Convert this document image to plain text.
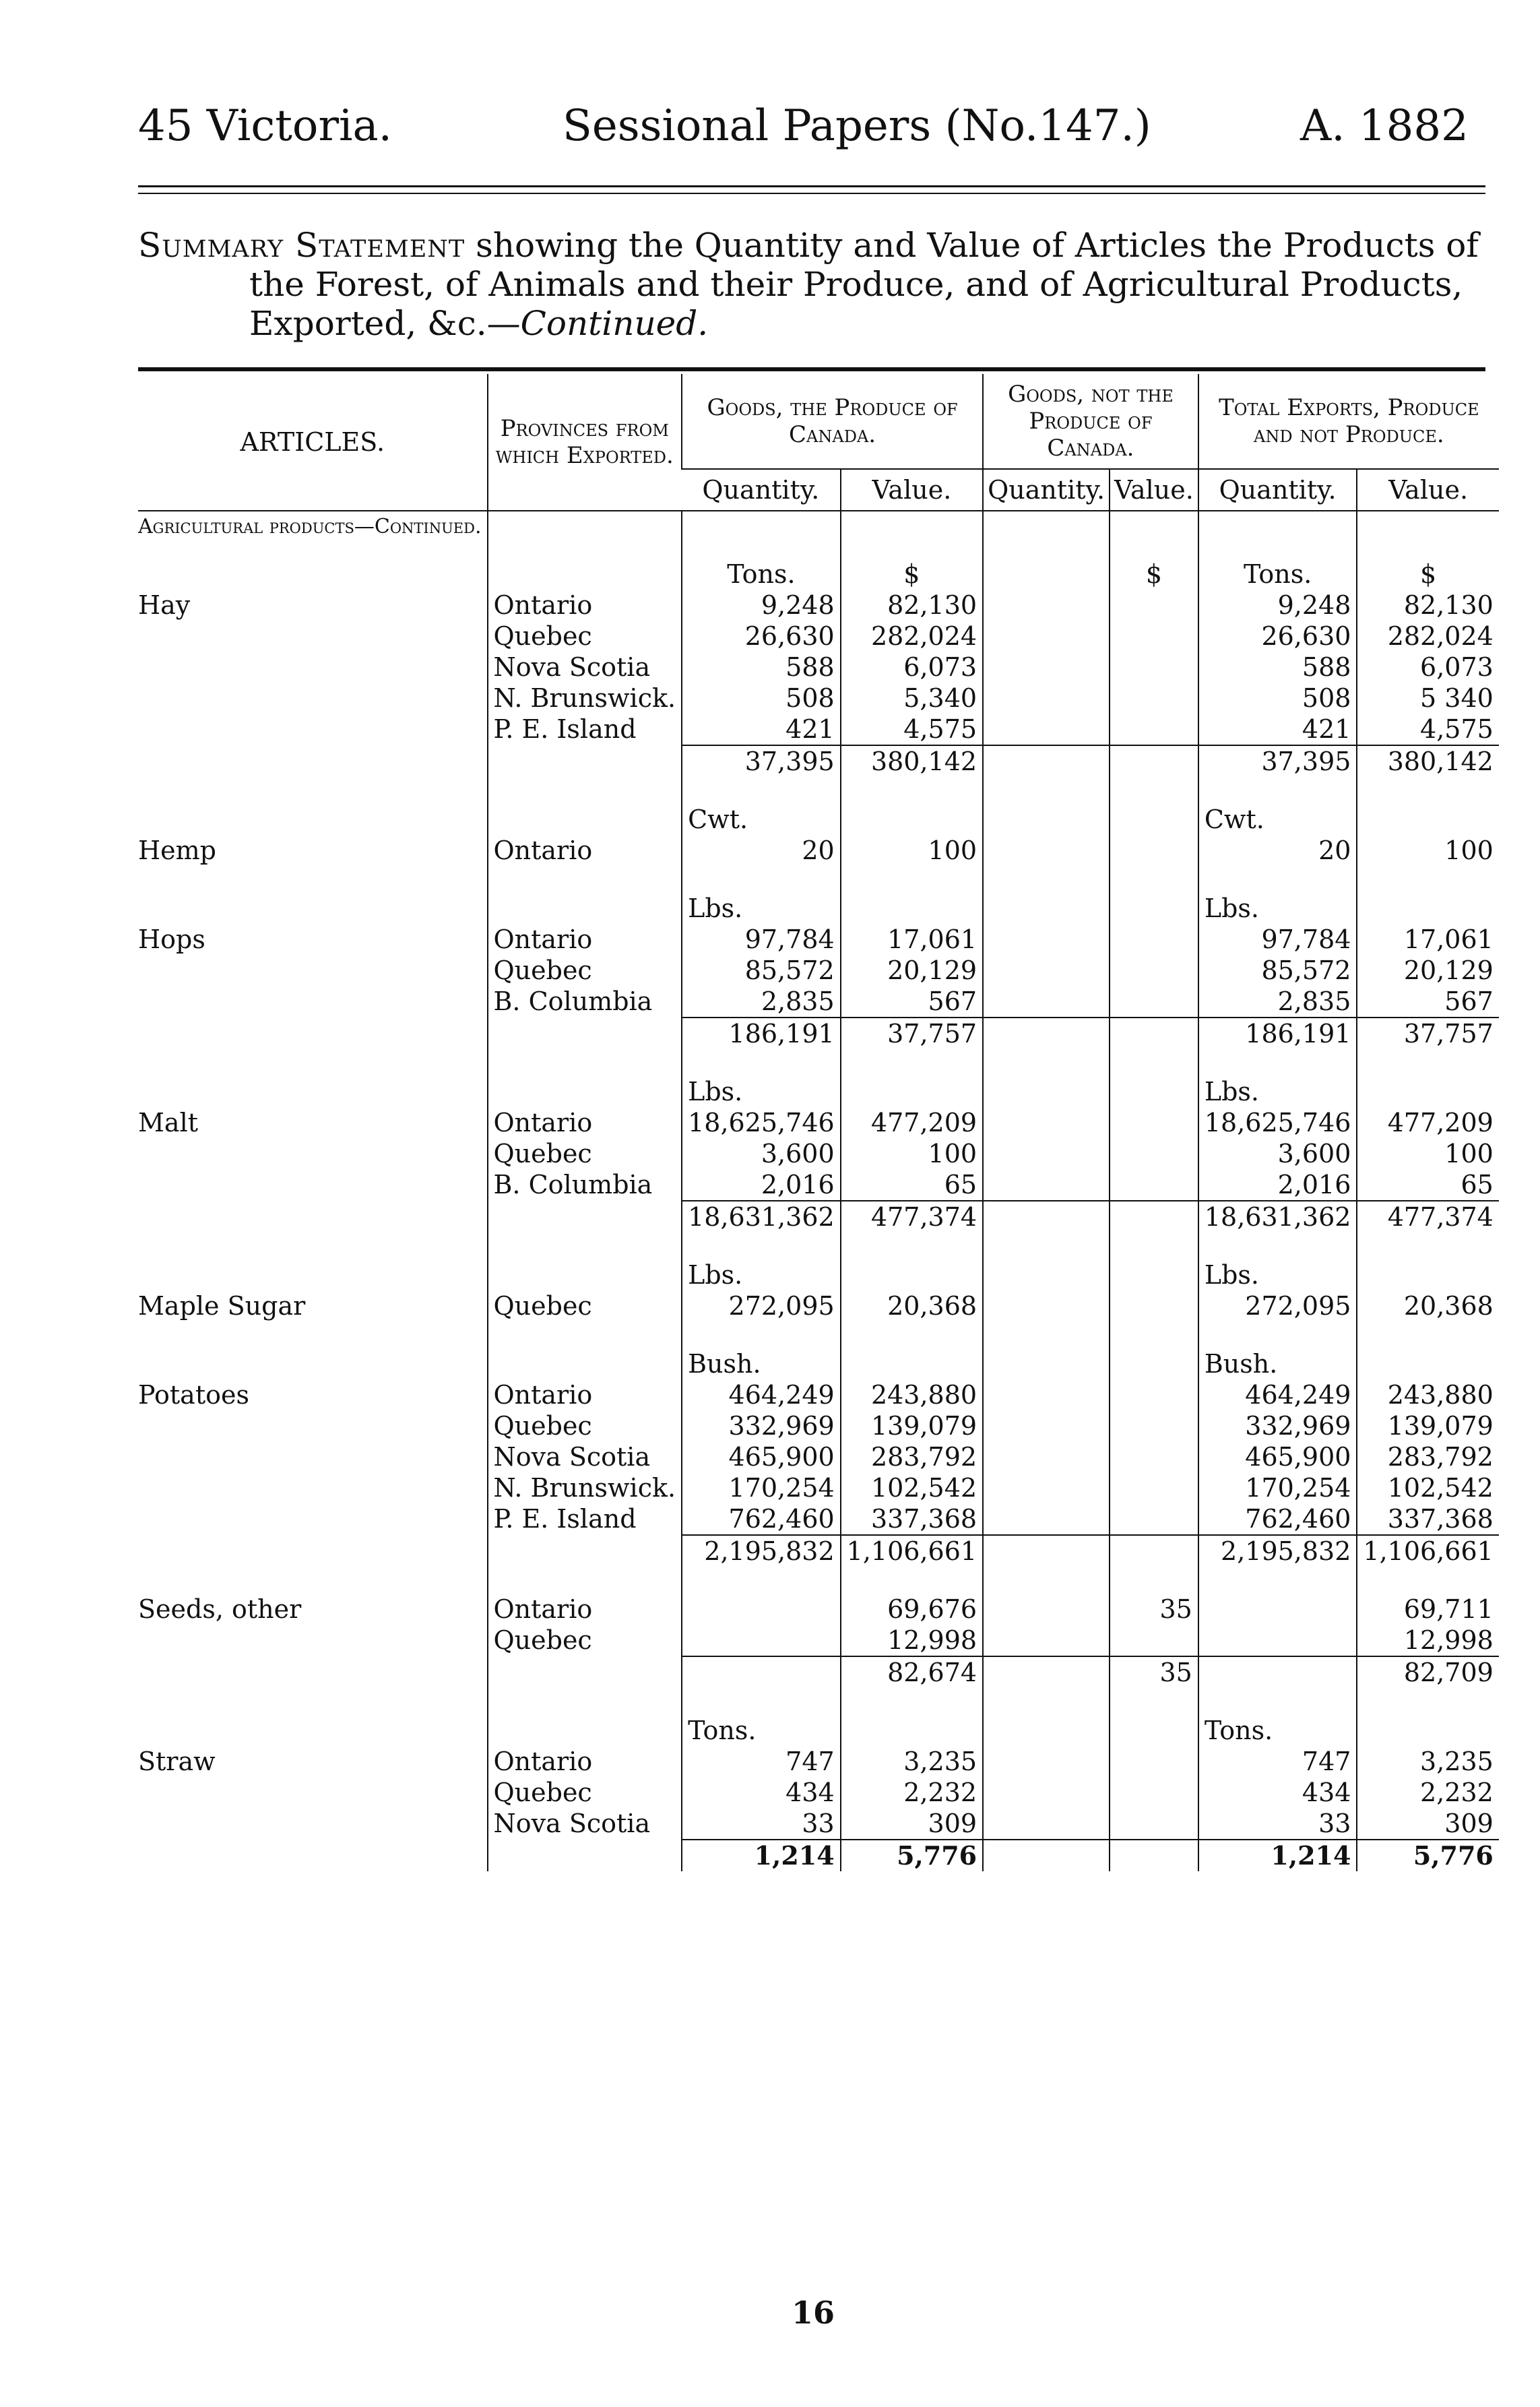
45 Victoria.	Sessional Papers (No.147.)	A. 1882
Summary Statement showing the Quantity and Value of Articles the Products of
the Forest, of Animals and their Produce, and of Agricultural Products,
Exported, &c.—Continued.
ARTICLES.	Provinces from which Exported.	Goods, the Produce of Canada.		Goods, not the Produce of Canada.		Total Exports, Produce and not Produce.	
		Quantity.	Value.	Quantity.	Value.	Quantity.	Value.
Agricultural products—Continued.		Tons.	$		$	Tons.	$
Hay	Ontario	9,248	82,130			9,248	82,130
	Quebec	26,630	282,024			26,630	282,024
	Nova Scotia	588	6,073			588	6,073
	N. Brunswick.	508	5,340			508	5 340
	P. E. Island	421	4,575			421	4,575
		37,395	380,142			37,395	380,142
		Cwt.				Cwt.	
Hemp	Ontario	20	100			20	100
		Lbs.				Lbs.	
Hops	Ontario	97,784	17,061			97,784	17,061
	Quebec	85,572	20,129			85,572	20,129
	B. Columbia	2,835	567			2,835	567
		186,191	37,757			186,191	37,757
		Lbs.				Lbs.	
Malt	Ontario	18,625,746	477,209			18,625,746	477,209
	Quebec	3,600	100			3,600	100
	B. Columbia	2,016	65			2,016	65
		18,631,362	477,374			18,631,362	477,374
		Lbs.				Lbs.	
Maple Sugar	Quebec	272,095	20,368			272,095	20,368
		Bush.				Bush.	
Potatoes	Ontario	464,249	243,880			464,249	243,880
	Quebec	332,969	139,079			332,969	139,079
	Nova Scotia	465,900	283,792			465,900	283,792
	N. Brunswick.	170,254	102,542			170,254	102,542
	P. E. Island	762,460	337,368			762,460	337,368
		2,195,832	1,106,661			2,195,832	1,106,661

Seeds, other	Ontario		69,676		35		69,711
	Quebec		12,998				12,998
			82,674		35		82,709
		Tons.				Tons.	
Straw	Ontario	747	3,235			747	3,235
	Quebec	434	2,232			434	2,232
	Nova Scotia	33	309			33	309
		1,214	5,776			1,214	5,776
16
